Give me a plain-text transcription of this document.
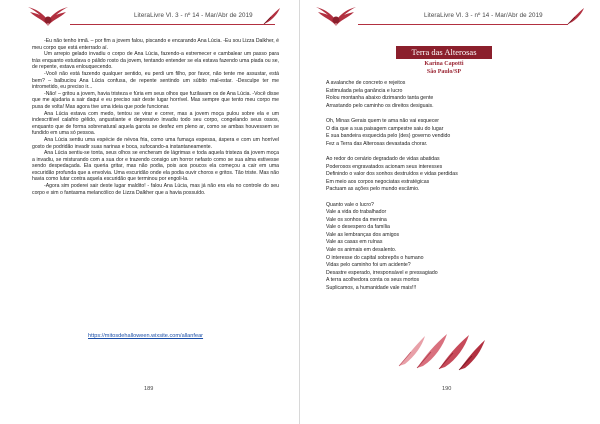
LiteraLivre Vl. 3 - nº 14 - Mar/Abr de 2019

-Eu não tenho irmã. – por fim a jovem falou, piscando e encarando Ana Lúcia. -Eu sou Lizza Dalkher, é meu corpo que está enterrado aí.

Um arrepio gelado invadiu o corpo de Ana Lúcia, fazendo-a estremecer e cambalear um passo para trás enquanto estudava o pálido rosto da jovem, tentando entender se ela estava fazendo uma piada ou se, de repente, estava enlouquecendo.

-Você não está fazendo qualquer sentido, eu perdi um filho, por favor, não tente me assustar, está bem? – balbuciou Ana Lúcia confusa, de repente sentindo um súbito mal-estar. -Desculpe ter me intrometido, eu preciso ir...

-Não! – gritou a jovem, havia tristeza e fúria em seus olhos que fuzilavam os de Ana Lúcia. -Você disse que me ajudaria a sair daqui e eu preciso sair deste lugar horrível. Mas sempre que tento meu corpo me puxa de volta! Mas agora tive uma ideia que pode funcionar.

Ana Lúcia estava com medo, tentou se virar e correr, mas a jovem moça pulou sobre ela e um indescritível calafrio gélido, angustiante e depressivo invadiu todo seu corpo, congelando seus ossos, enquanto que de forma sobrenatural aquela garota se desfez em pleno ar, como se ambas houvessem se fundido em uma só pessoa.

Ana Lúcia sentiu uma espécie de névoa fria, como uma fumaça espessa, áspera e com um horrível gosto de podridão invadir suas narinas e boca, sufocando-a instantaneamente.

Ana Lúcia sentiu-se tonta, seus olhos se encheram de lágrimas e toda aquela tristeza da jovem moça a invadiu, se misturando com a sua dor e trazendo consigo um horror nefasto como se sua alma estivesse sendo despedaçada. Ela queria gritar, mas não podia, pois aos poucos ela começou a cair em uma escuridão profunda que a envolvia. Uma escuridão onde ela podia ouvir choros e gritos. Tão triste. Mas não havia como lutar contra aquela escuridão que terminou por engoli-la.

-Agora sim poderei sair deste lugar maldito! - falou Ana Lúcia, mas já não era ela no controle do seu corpo e sim o fantasma melancólico de Lizza Dalkher que a havia possuído.

https://mitosdehalloween.wixsite.com/allanfear
189
LiteraLivre Vl. 3 - nº 14 - Mar/Abr de 2019
190
Terra das Alterosas
Karina Capotti
São Paulo/SP
A avalanche de concreto e rejeitos
Estimulada pela ganância e lucro
Rolou montanha abaixo dizimando tanta gente
Arrastando pelo caminho os direitos desiguais.
Oh, Minas Gerais quem te ama não vai esquecer
O dia que a sua paisagem campestre saiu do lugar
E sua bandeira esquecida pelo (des) governo vendido
Fez a Terra das Alterosas devastada chorar.
Ao redor do cenário degradado de vidas abatidas
Poderosos engravatados acionam seus interesses
Definindo o valor dos sonhos destruídos e vidas perdidas
Em meio aos corpos negociatas estratégicas
Pactuam as ações pelo mundo escâmio.
Quanto vale o lucro?
Vale a vida do trabalhador
Vale os sonhos da menina
Vale o desespero da família
Vale as lembranças dos amigos
Vale as casas em ruínas
Vale os animais em desalento.
O interesse do capital sobrepõs o humano
Vidas pelo caminho foi um acidente?
Desastre esperado, irresponsável e pressagiado
A terra acolhedora conta os seus mortos
Suplicamos, a humanidade vale mais!!!
